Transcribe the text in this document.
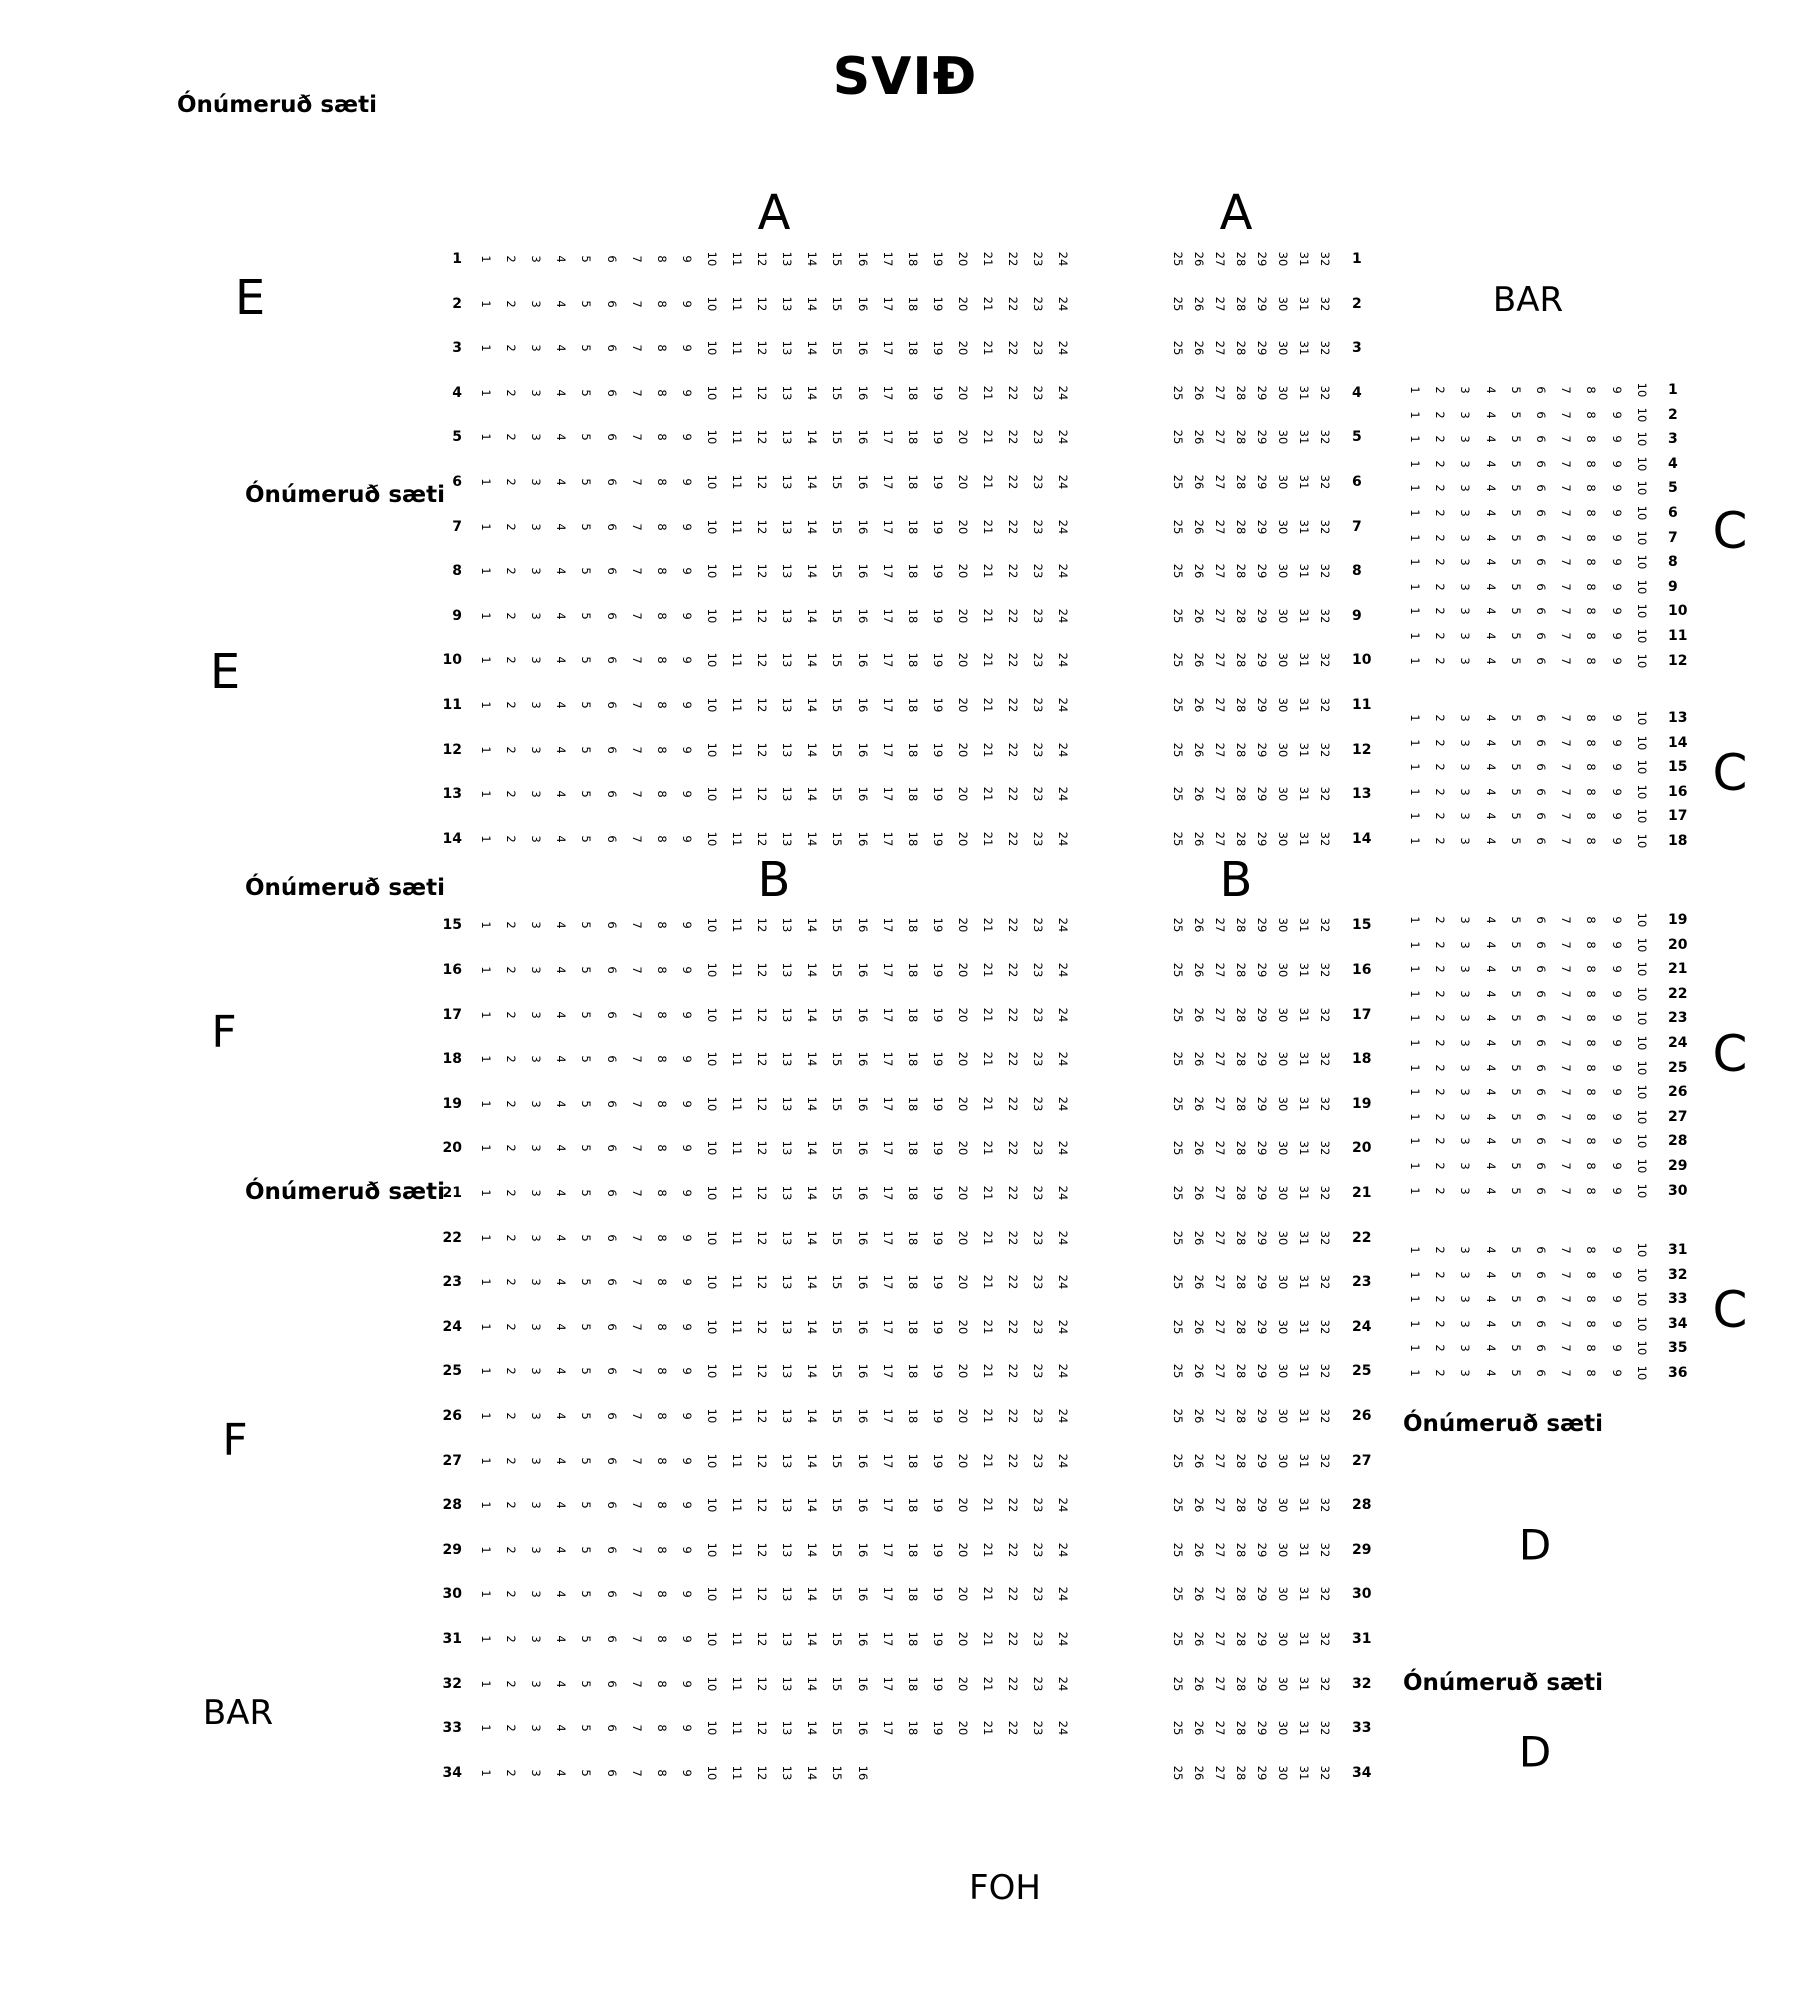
SVIÐ
Ónúmeruð sæti
E
Ónúmeruð sæti
E
Ónúmeruð sæti
F
Ónúmeruð sæti
F
BAR
A	A
B	B
BAR
C
C
C
C
Ónúmeruð sæti
D
Ónúmeruð sæti
D
1 1 2 3 4 5 6 7 8 9 10 11 12 13 14 15 16 17 18 19 20 21 22 23 24	25 26 27 28 29 30 31 32 1
2 1 2 3 4 5 6 7 8 9 10 11 12 13 14 15 16 17 18 19 20 21 22 23 24	25 26 27 28 29 30 31 32 2
3 1 2 3 4 5 6 7 8 9 10 11 12 13 14 15 16 17 18 19 20 21 22 23 24	25 26 27 28 29 30 31 32 3
4 1 2 3 4 5 6 7 8 9 10 11 12 13 14 15 16 17 18 19 20 21 22 23 24	25 26 27 28 29 30 31 32 4
5 1 2 3 4 5 6 7 8 9 10 11 12 13 14 15 16 17 18 19 20 21 22 23 24	25 26 27 28 29 30 31 32 5
6 1 2 3 4 5 6 7 8 9 10 11 12 13 14 15 16 17 18 19 20 21 22 23 24	25 26 27 28 29 30 31 32 6
7 1 2 3 4 5 6 7 8 9 10 11 12 13 14 15 16 17 18 19 20 21 22 23 24	25 26 27 28 29 30 31 32 7
8 1 2 3 4 5 6 7 8 9 10 11 12 13 14 15 16 17 18 19 20 21 22 23 24	25 26 27 28 29 30 31 32 8
9 1 2 3 4 5 6 7 8 9 10 11 12 13 14 15 16 17 18 19 20 21 22 23 24	25 26 27 28 29 30 31 32 9
10 1 2 3 4 5 6 7 8 9 10 11 12 13 14 15 16 17 18 19 20 21 22 23 24	25 26 27 28 29 30 31 32 10
11 1 2 3 4 5 6 7 8 9 10 11 12 13 14 15 16 17 18 19 20 21 22 23 24	25 26 27 28 29 30 31 32 11
12 1 2 3 4 5 6 7 8 9 10 11 12 13 14 15 16 17 18 19 20 21 22 23 24	25 26 27 28 29 30 31 32 12
13 1 2 3 4 5 6 7 8 9 10 11 12 13 14 15 16 17 18 19 20 21 22 23 24	25 26 27 28 29 30 31 32 13
14 1 2 3 4 5 6 7 8 9 10 11 12 13 14 15 16 17 18 19 20 21 22 23 24	25 26 27 28 29 30 31 32 14
15 1 2 3 4 5 6 7 8 9 10 11 12 13 14 15 16 17 18 19 20 21 22 23 24	25 26 27 28 29 30 31 32 15
16 1 2 3 4 5 6 7 8 9 10 11 12 13 14 15 16 17 18 19 20 21 22 23 24	25 26 27 28 29 30 31 32 16
17 1 2 3 4 5 6 7 8 9 10 11 12 13 14 15 16 17 18 19 20 21 22 23 24	25 26 27 28 29 30 31 32 17
18 1 2 3 4 5 6 7 8 9 10 11 12 13 14 15 16 17 18 19 20 21 22 23 24	25 26 27 28 29 30 31 32 18
19 1 2 3 4 5 6 7 8 9 10 11 12 13 14 15 16 17 18 19 20 21 22 23 24	25 26 27 28 29 30 31 32 19
20 1 2 3 4 5 6 7 8 9 10 11 12 13 14 15 16 17 18 19 20 21 22 23 24	25 26 27 28 29 30 31 32 20
21 1 2 3 4 5 6 7 8 9 10 11 12 13 14 15 16 17 18 19 20 21 22 23 24	25 26 27 28 29 30 31 32 21
22 1 2 3 4 5 6 7 8 9 10 11 12 13 14 15 16 17 18 19 20 21 22 23 24	25 26 27 28 29 30 31 32 22
23 1 2 3 4 5 6 7 8 9 10 11 12 13 14 15 16 17 18 19 20 21 22 23 24	25 26 27 28 29 30 31 32 23
24 1 2 3 4 5 6 7 8 9 10 11 12 13 14 15 16 17 18 19 20 21 22 23 24	25 26 27 28 29 30 31 32 24
25 1 2 3 4 5 6 7 8 9 10 11 12 13 14 15 16 17 18 19 20 21 22 23 24	25 26 27 28 29 30 31 32 25
26 1 2 3 4 5 6 7 8 9 10 11 12 13 14 15 16 17 18 19 20 21 22 23 24	25 26 27 28 29 30 31 32 26
27 1 2 3 4 5 6 7 8 9 10 11 12 13 14 15 16 17 18 19 20 21 22 23 24	25 26 27 28 29 30 31 32 27
28 1 2 3 4 5 6 7 8 9 10 11 12 13 14 15 16 17 18 19 20 21 22 23 24	25 26 27 28 29 30 31 32 28
29 1 2 3 4 5 6 7 8 9 10 11 12 13 14 15 16 17 18 19 20 21 22 23 24	25 26 27 28 29 30 31 32 29
30 1 2 3 4 5 6 7 8 9 10 11 12 13 14 15 16 17 18 19 20 21 22 23 24	25 26 27 28 29 30 31 32 30
31 1 2 3 4 5 6 7 8 9 10 11 12 13 14 15 16 17 18 19 20 21 22 23 24	25 26 27 28 29 30 31 32 31
32 1 2 3 4 5 6 7 8 9 10 11 12 13 14 15 16 17 18 19 20 21 22 23 24	25 26 27 28 29 30 31 32 32
33 1 2 3 4 5 6 7 8 9 10 11 12 13 14 15 16 17 18 19 20 21 22 23 24	25 26 27 28 29 30 31 32 33
34 1 2 3 4 5 6 7 8 9 10 11 12 13 14 15 16	25 26 27 28 29 30 31 32 34
1 2 3 4 5 6 7 8 9 10 1
1 2 3 4 5 6 7 8 9 10 2
1 2 3 4 5 6 7 8 9 10 3
1 2 3 4 5 6 7 8 9 10 4
1 2 3 4 5 6 7 8 9 10 5
1 2 3 4 5 6 7 8 9 10 6
1 2 3 4 5 6 7 8 9 10 7
1 2 3 4 5 6 7 8 9 10 8
1 2 3 4 5 6 7 8 9 10 9
1 2 3 4 5 6 7 8 9 10 10
1 2 3 4 5 6 7 8 9 10 11
1 2 3 4 5 6 7 8 9 10 12
1 2 3 4 5 6 7 8 9 10 13
1 2 3 4 5 6 7 8 9 10 14
1 2 3 4 5 6 7 8 9 10 15
1 2 3 4 5 6 7 8 9 10 16
1 2 3 4 5 6 7 8 9 10 17
1 2 3 4 5 6 7 8 9 10 18
1 2 3 4 5 6 7 8 9 10 19
1 2 3 4 5 6 7 8 9 10 20
1 2 3 4 5 6 7 8 9 10 21
1 2 3 4 5 6 7 8 9 10 22
1 2 3 4 5 6 7 8 9 10 23
1 2 3 4 5 6 7 8 9 10 24
1 2 3 4 5 6 7 8 9 10 25
1 2 3 4 5 6 7 8 9 10 26
1 2 3 4 5 6 7 8 9 10 27
1 2 3 4 5 6 7 8 9 10 28
1 2 3 4 5 6 7 8 9 10 29
1 2 3 4 5 6 7 8 9 10 30
1 2 3 4 5 6 7 8 9 10 31
1 2 3 4 5 6 7 8 9 10 32
1 2 3 4 5 6 7 8 9 10 33
1 2 3 4 5 6 7 8 9 10 34
1 2 3 4 5 6 7 8 9 10 35
1 2 3 4 5 6 7 8 9 10 36
FOH
